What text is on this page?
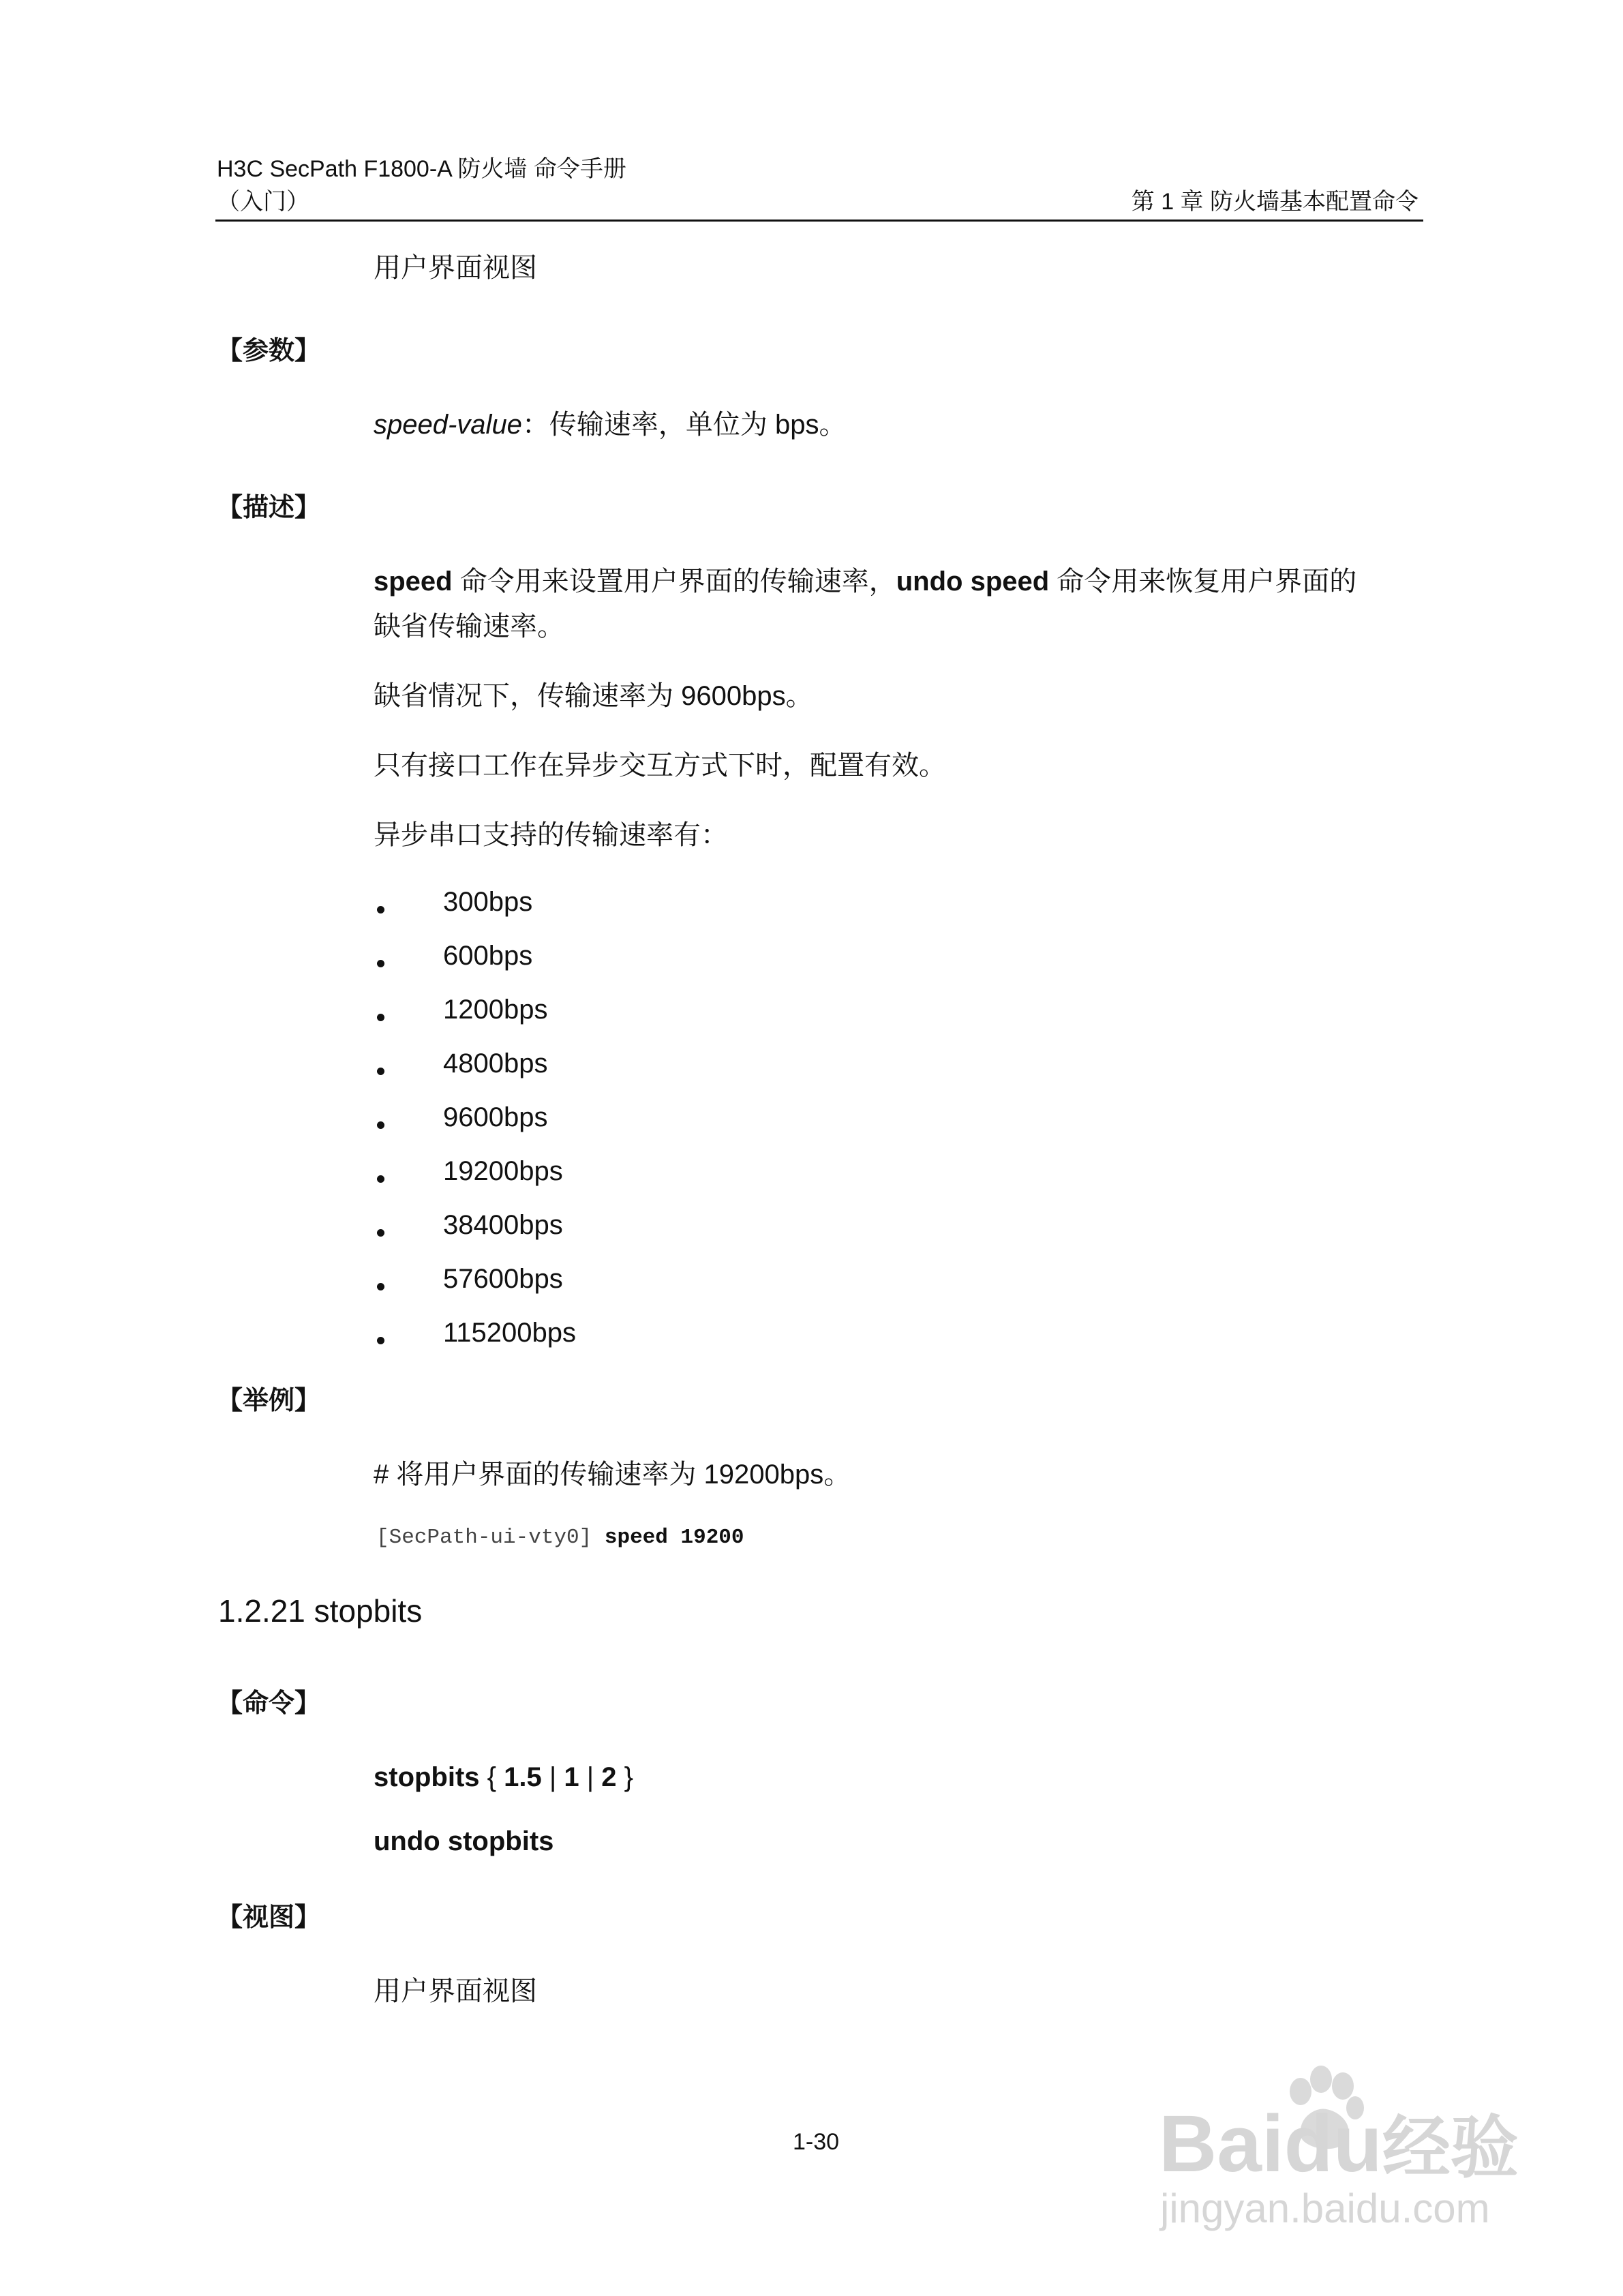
H3C SecPath F1800-A 防火墙 命令手册
（入门）	第 1 章 防火墙基本配置命令
用户界面视图
【参数】
speed-value：传输速率，单位为 bps。
【描述】
speed 命令用来设置用户界面的传输速率，undo speed 命令用来恢复用户界面的
缺省传输速率。
缺省情况下，传输速率为 9600bps。
只有接口工作在异步交互方式下时，配置有效。
异步串口支持的传输速率有：
300bps
600bps
1200bps
4800bps
9600bps
19200bps
38400bps
57600bps
115200bps
【举例】
# 将用户界面的传输速率为 19200bps。
[SecPath-ui-vty0] speed 19200
1.2.21 stopbits
【命令】
stopbits { 1.5 | 1 | 2 }
undo stopbits
【视图】
用户界面视图
1-30	Baidu经验
jingyan.baidu.com
